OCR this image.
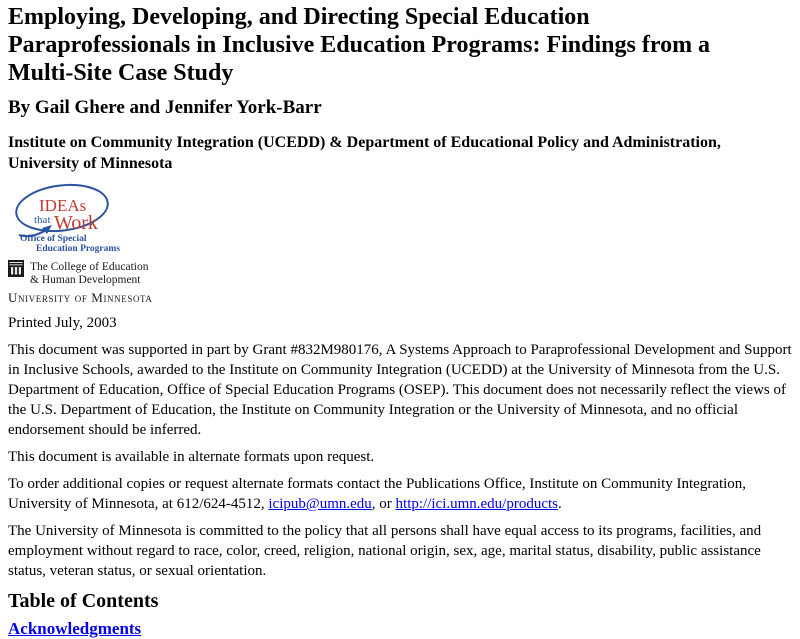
Employing, Developing, and Directing Special Education
Paraprofessionals in Inclusive Education Programs: Findings from a
Multi-Site Case Study
By Gail Ghere and Jennifer York-Barr
Institute on Community Integration (UCEDD) & Department of Educational Policy and Administration, University of Minnesota
IDEAs
that Work
Office of Special
Education Programs
The College of Education
& Human Development
University of Minnesota

Printed July, 2003

This document was supported in part by Grant #832M980176, A Systems Approach to Paraprofessional Development and Support in Inclusive Schools, awarded to the Institute on Community Integration (UCEDD) at the University of Minnesota from the U.S. Department of Education, Office of Special Education Programs (OSEP). This document does not necessarily reflect the views of the U.S. Department of Education, the Institute on Community Integration or the University of Minnesota, and no official endorsement should be inferred.

This document is available in alternate formats upon request.

To order additional copies or request alternate formats contact the Publications Office, Institute on Community Integration, University of Minnesota, at 612/624-4512, icipub@umn.edu, or http://ici.umn.edu/products.

The University of Minnesota is committed to the policy that all persons shall have equal access to its programs, facilities, and employment without regard to race, color, creed, religion, national origin, sex, age, marital status, disability, public assistance status, veteran status, or sexual orientation.

Table of Contents
Acknowledgments
